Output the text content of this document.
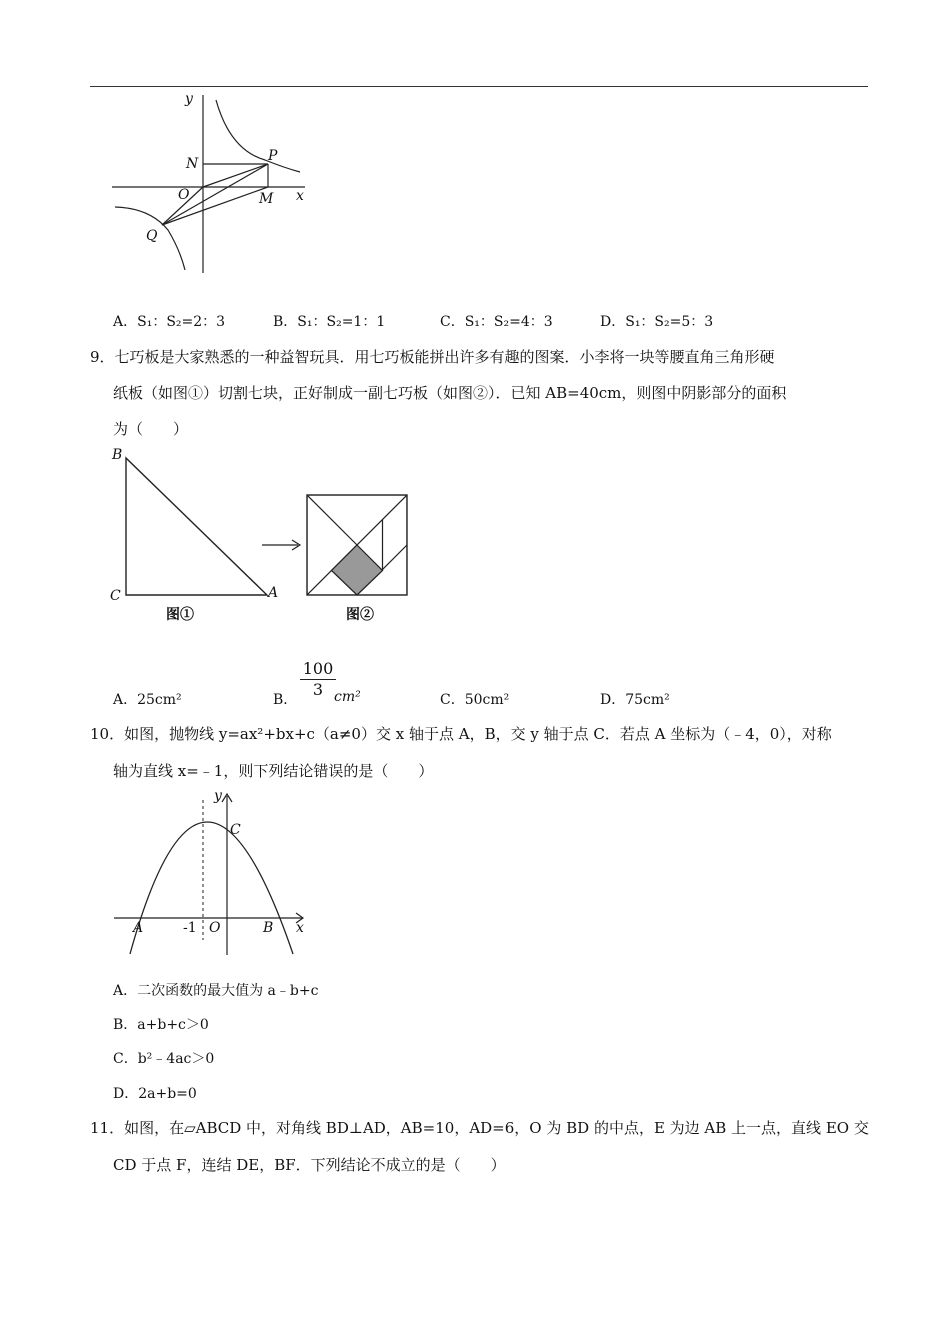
y
N	P
O	M x
Q
A．S₁：S₂=2：3	B．S₁：S₂=1：1	C．S₁：S₂=4：3	D．S₁：S₂=5：3
9．七巧板是大家熟悉的一种益智玩具．用七巧板能拼出许多有趣的图案．小李将一块等腰直角三角形硬
纸板（如图①）切割七块，正好制成一副七巧板（如图②）．已知 AB=40cm，则图中阴影部分的面积
为（　　）
B
C	A
图①	图②
A．25cm²	B．
100
3 cm²	C．50cm²	D．75cm²
10．如图，抛物线 y=ax²+bx+c（a≠0）交 x 轴于点 A，B，交 y 轴于点 C．若点 A 坐标为（﹣4，0），对称
轴为直线 x=﹣1，则下列结论错误的是（　　）
y
C
A	-1 O	B x
A．二次函数的最大值为 a﹣b+c
B．a+b+c＞0
C．b²﹣4ac＞0
D．2a+b=0
11．如图，在▱ABCD 中，对角线 BD⊥AD，AB=10，AD=6，O 为 BD 的中点，E 为边 AB 上一点，直线 EO 交
CD 于点 F，连结 DE，BF．下列结论不成立的是（　　）
